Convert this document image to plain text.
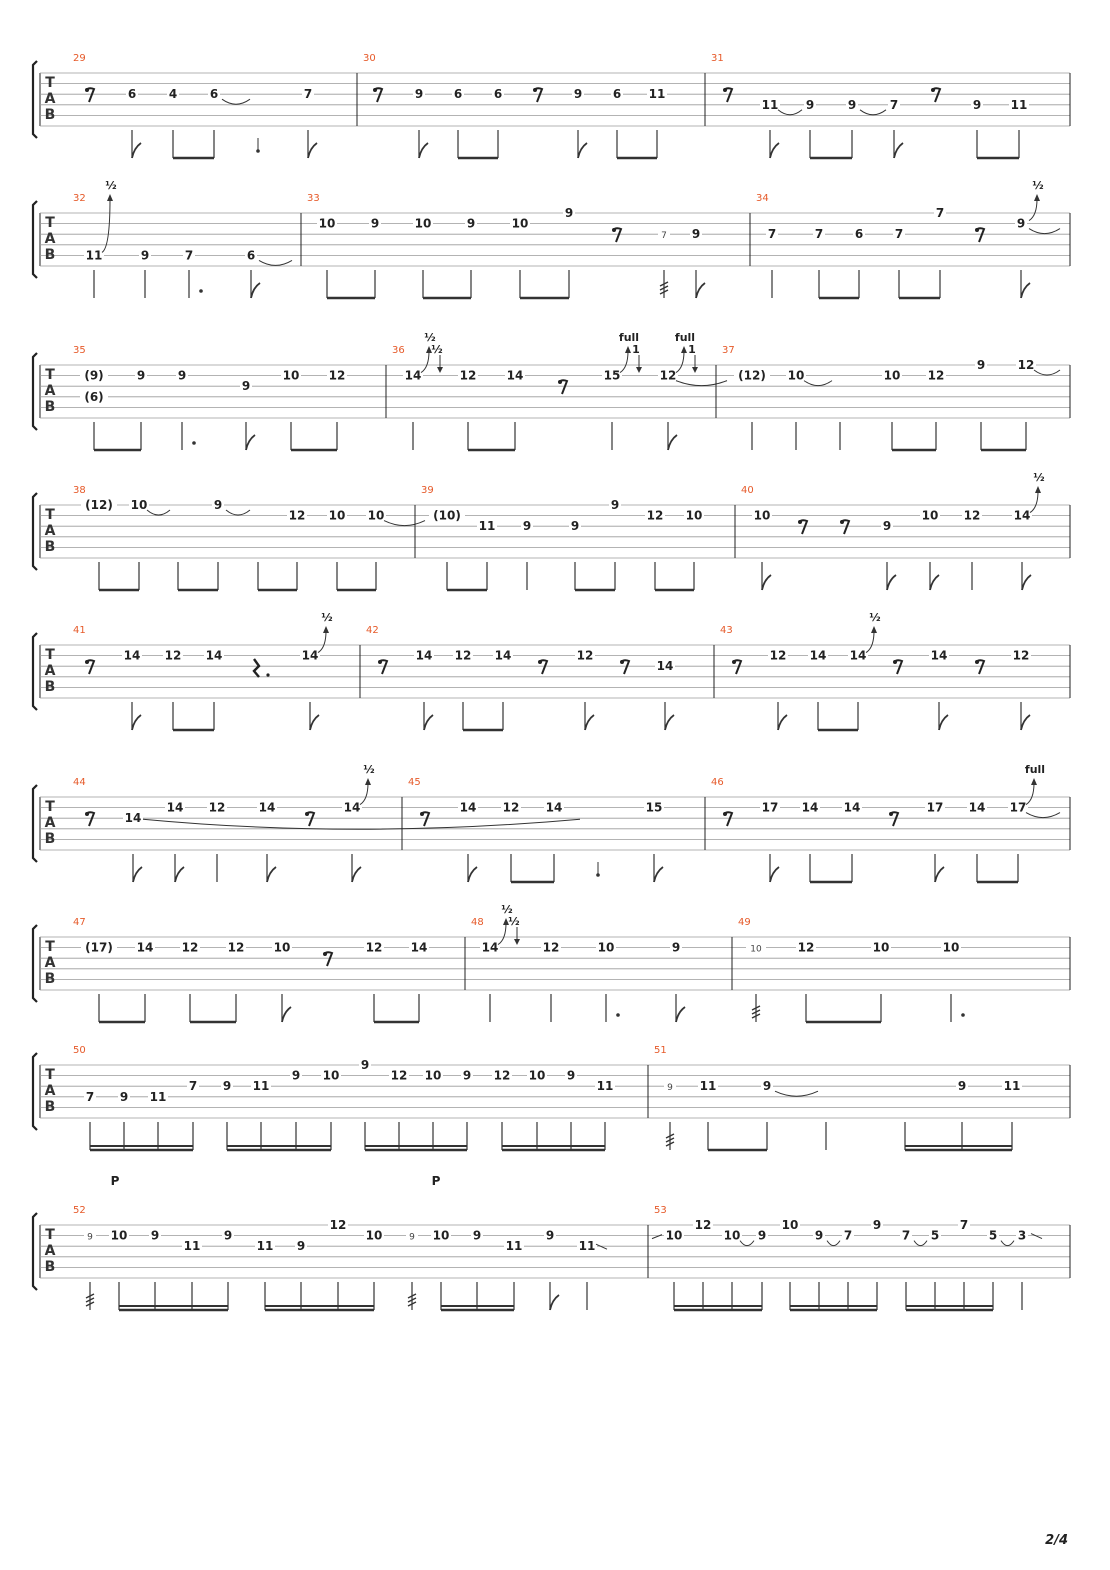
T
A
B
29
6	4	6	7
30
9	6	6	9	6 11
31
11 9	9	7	9 11
T
A
B
32
11
½
9	7	6
33
10	9	10	9	10
9
7 9
34
7	7	6	7
7
9
½
T
A
B
35
(9)
(6)
9	9
9
10 12
36
14
½
½
12	14	15
full
1
12
full
1	37
(12) 10	10 12
9	12
T
A
B
38
(12) 10	9
12 10 10
39
(10)
11 9	9
9
12 10
40
10
9
10 12	14
½
T
A
B
41
14 12 14	14
½
42
14 12 14	12
14
43
12 14 14
½
14	12
T
A
B
44
14
14 12	14	14
½
45
14 12 14	15
46
17 14 14	17 14 17
full
T
A
B
47
(17) 14 12 12 10	12 14
48
14
½
½
12	10	9
49
10	12	10	10
T
A
B
50
7 9 11
7 9 11
9 10
9
12 10 9 12 10 9
11
51
9 11	9	9	11
T
A
B
P	P
52
9 10 9
11
9
11 9
12
10	9 10 9
11
9
11
53
10
12
10 9
10
9 7
9
7 5
7
5 3
2/4
